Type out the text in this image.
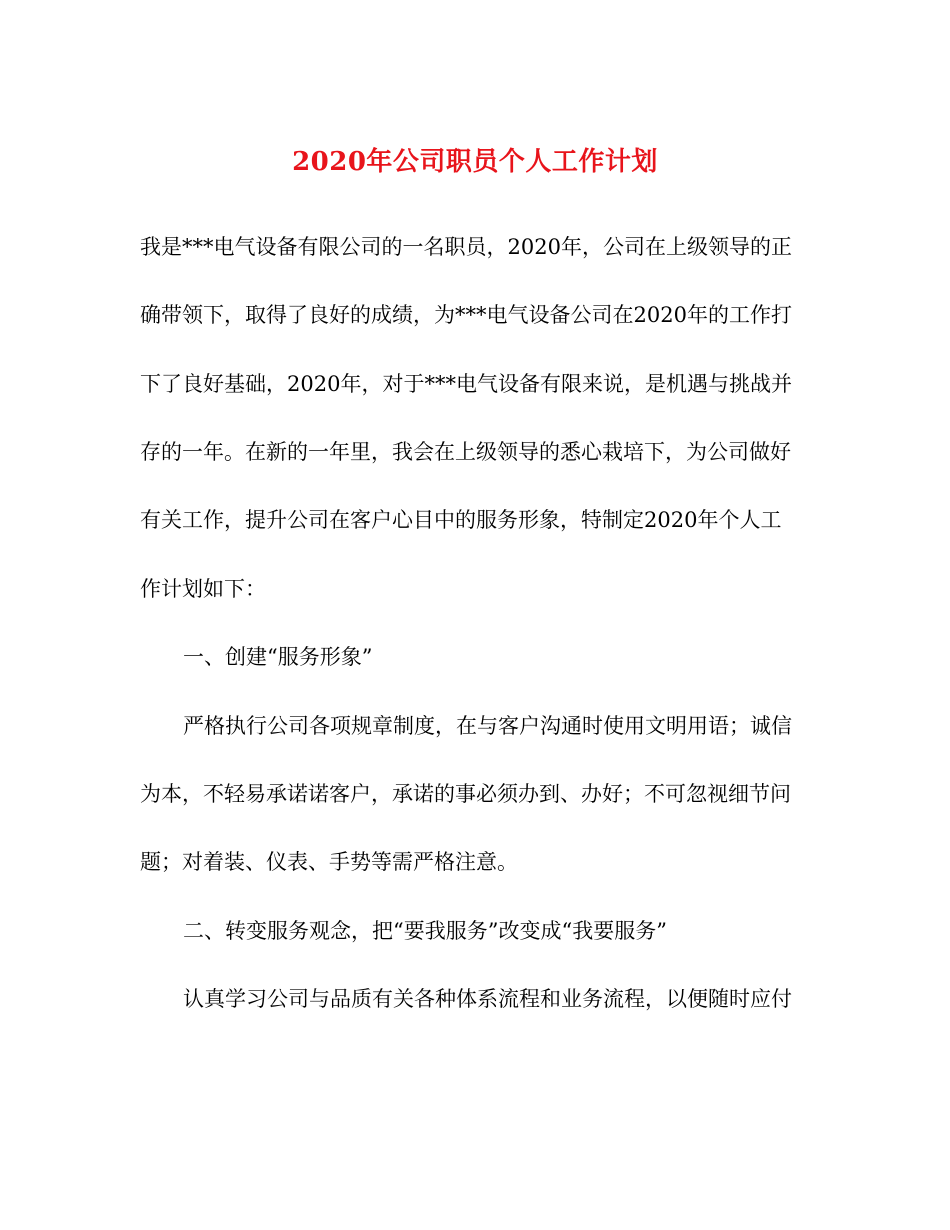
2020年公司职员个人工作计划
我是***电气设备有限公司的一名职员，2020年，公司在上级领导的正
确带领下，取得了良好的成绩，为***电气设备公司在2020年的工作打
下了良好基础，2020年，对于***电气设备有限来说，是机遇与挑战并
存的一年。在新的一年里，我会在上级领导的悉心栽培下，为公司做好
有关工作，提升公司在客户心目中的服务形象，特制定2020年个人工
作计划如下：
一、创建“服务形象”
严格执行公司各项规章制度，在与客户沟通时使用文明用语；诚信
为本，不轻易承诺诺客户，承诺的事必须办到、办好；不可忽视细节问
题；对着装、仪表、手势等需严格注意。
二、转变服务观念，把“要我服务”改变成“我要服务”
认真学习公司与品质有关各种体系流程和业务流程，以便随时应付
